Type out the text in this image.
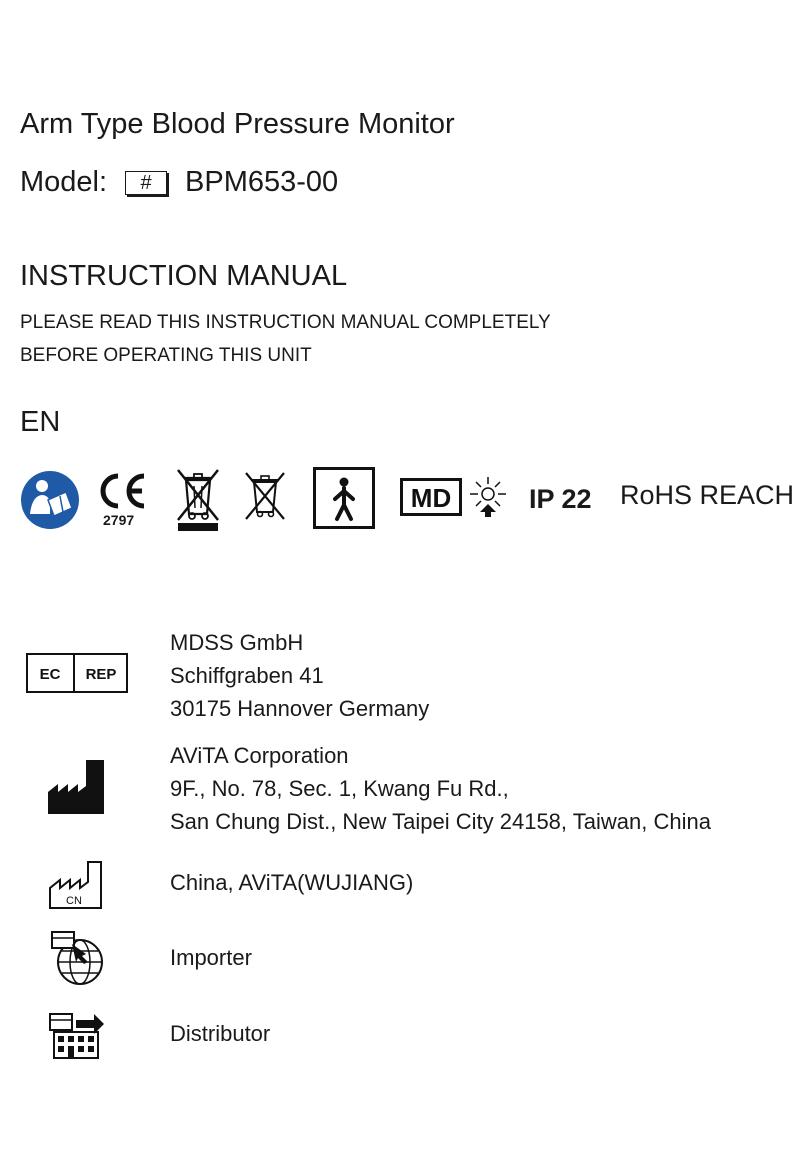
Arm Type Blood Pressure Monitor
Model:	#	BPM653-00
INSTRUCTION MANUAL
PLEASE READ THIS INSTRUCTION MANUAL COMPLETELY
BEFORE OPERATING THIS UNIT
EN
2797
MD	IP 22 RoHS REACH
EC REP
MDSS GmbH
Schiffgraben 41
30175 Hannover Germany
AViTA Corporation
9F., No. 78, Sec. 1, Kwang Fu Rd.,
San Chung Dist., New Taipei City 24158, Taiwan, China
CN
China, AViTA(WUJIANG)
Importer
Distributor
